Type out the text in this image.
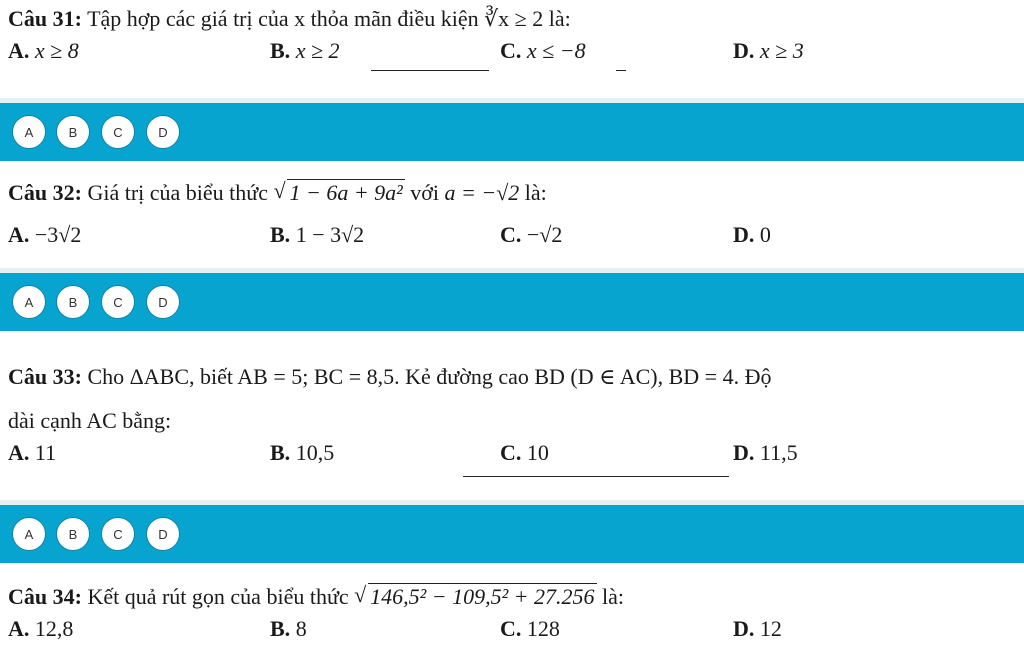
Câu 31: Tập hợp các giá trị của x thỏa mãn điều kiện ∛x ≥ 2 là:
A. x ≥ 8	B. x ≥ 2	C. x ≤ −8	D. x ≥ 3
A	B	C	D
Câu 32: Giá trị của biểu thức √ 1 − 6a + 9a² với a = −√2 là:
A. −3√2	B. 1 − 3√2	C. −√2	D. 0
A	B	C	D
Câu 33: Cho ΔABC, biết AB = 5; BC = 8,5. Kẻ đường cao BD (D ∈ AC), BD = 4. Độ
dài cạnh AC bằng:
A. 11	B. 10,5	C. 10	D. 11,5
A	B	C	D
Câu 34: Kết quả rút gọn của biểu thức √ 146,5² − 109,5² + 27.256 là:
A. 12,8	B. 8	C. 128	D. 12
